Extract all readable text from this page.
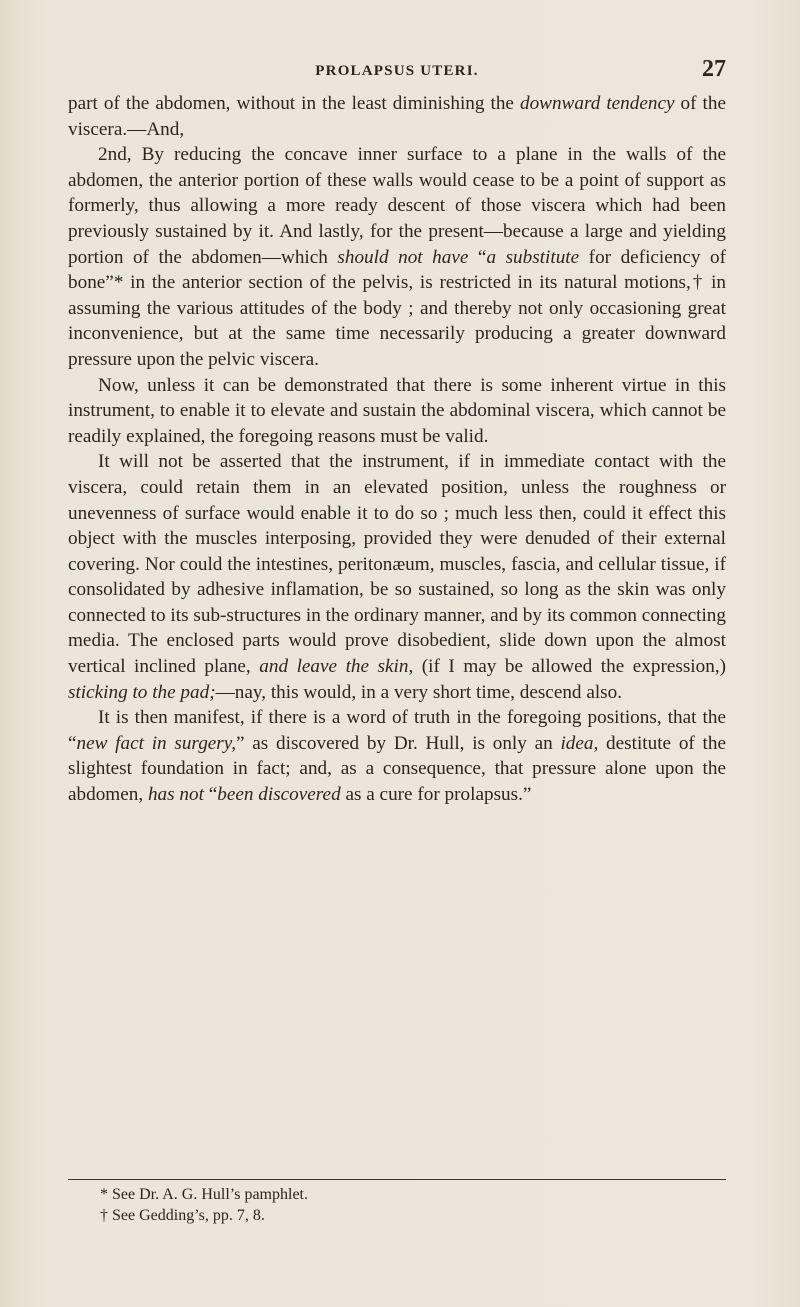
PROLAPSUS UTERI.	27

part of the abdomen, without in the least diminishing the downward tendency of the viscera.—And,

2nd, By reducing the concave inner surface to a plane in the walls of the abdomen, the anterior portion of these walls would cease to be a point of support as formerly, thus allowing a more ready descent of those viscera which had been previously sustained by it. And lastly, for the present—because a large and yielding portion of the abdomen—which should not have “a substitute for deficiency of bone”* in the anterior section of the pelvis, is restricted in its natural motions,† in assuming the various attitudes of the body ; and thereby not only occasioning great inconvenience, but at the same time necessarily producing a greater downward pressure upon the pelvic viscera.

Now, unless it can be demonstrated that there is some inherent virtue in this instrument, to enable it to elevate and sustain the abdominal viscera, which cannot be readily explained, the foregoing reasons must be valid.

It will not be asserted that the instrument, if in immediate contact with the viscera, could retain them in an elevated position, unless the roughness or unevenness of surface would enable it to do so ; much less then, could it effect this object with the muscles interposing, provided they were denuded of their external covering. Nor could the intestines, peritonæum, muscles, fascia, and cellular tissue, if consolidated by adhesive inflamation, be so sustained, so long as the skin was only connected to its sub-structures in the ordinary manner, and by its common connecting media. The enclosed parts would prove disobedient, slide down upon the almost vertical inclined plane, and leave the skin, (if I may be allowed the expression,) sticking to the pad;—nay, this would, in a very short time, descend also.

It is then manifest, if there is a word of truth in the foregoing positions, that the “new fact in surgery,” as discovered by Dr. Hull, is only an idea, destitute of the slightest foundation in fact; and, as a consequence, that pressure alone upon the abdomen, has not “been discovered as a cure for prolapsus.”

* See Dr. A. G. Hull’s pamphlet.

† See Gedding’s, pp. 7, 8.
